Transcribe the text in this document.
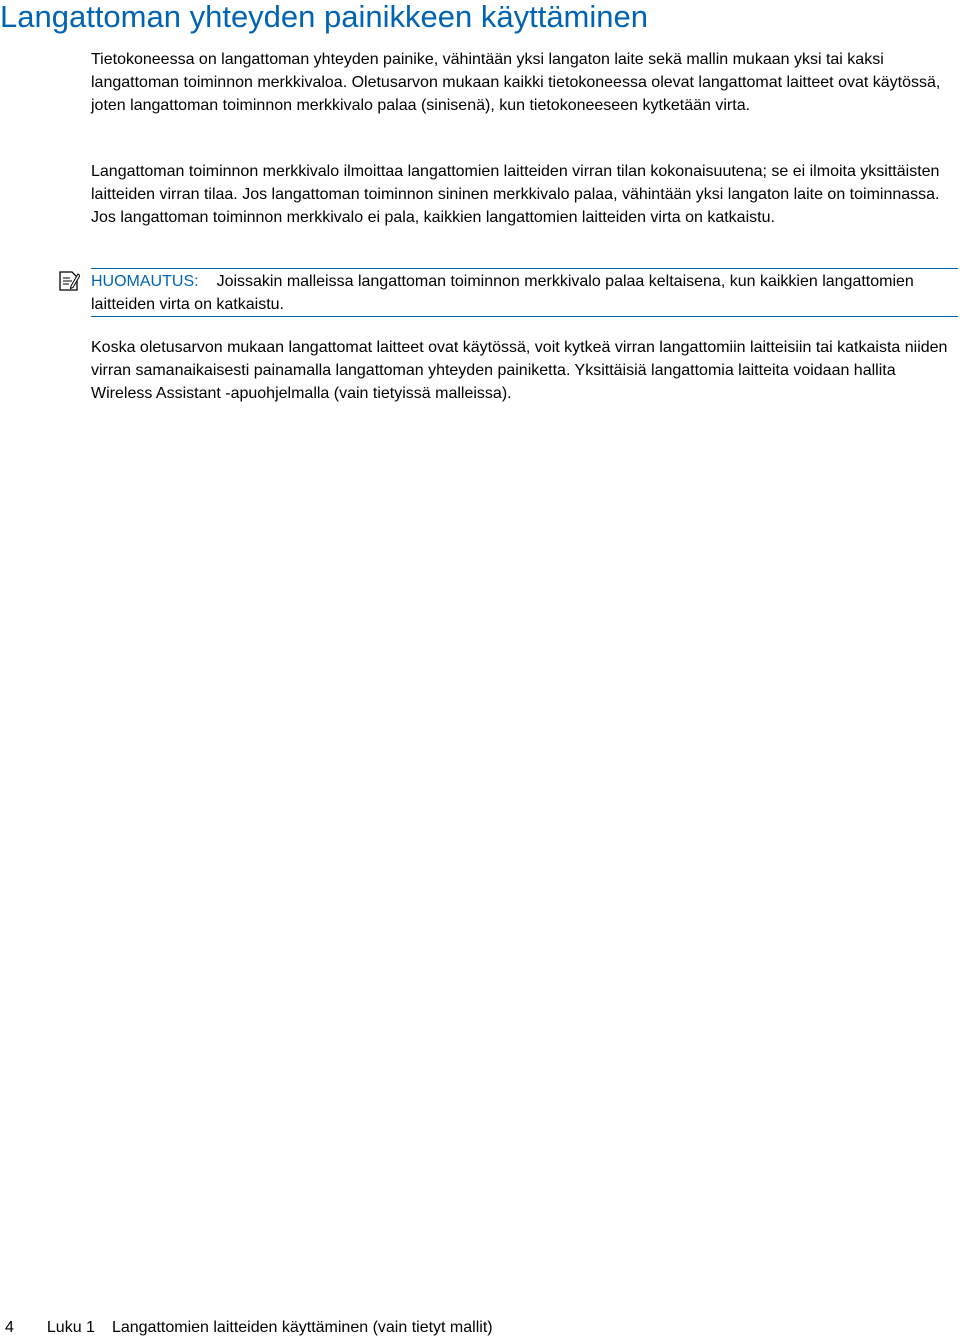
Langattoman yhteyden painikkeen käyttäminen

Tietokoneessa on langattoman yhteyden painike, vähintään yksi langaton laite sekä mallin mukaan yksi tai kaksi langattoman toiminnon merkkivaloa. Oletusarvon mukaan kaikki tietokoneessa olevat langattomat laitteet ovat käytössä, joten langattoman toiminnon merkkivalo palaa (sinisenä), kun tietokoneeseen kytketään virta.

Langattoman toiminnon merkkivalo ilmoittaa langattomien laitteiden virran tilan kokonaisuutena; se ei ilmoita yksittäisten laitteiden virran tilaa. Jos langattoman toiminnon sininen merkkivalo palaa, vähintään yksi langaton laite on toiminnassa. Jos langattoman toiminnon merkkivalo ei pala, kaikkien langattomien laitteiden virta on katkaistu.

HUOMAUTUS: Joissakin malleissa langattoman toiminnon merkkivalo palaa keltaisena, kun kaikkien langattomien laitteiden virta on katkaistu.

Koska oletusarvon mukaan langattomat laitteet ovat käytössä, voit kytkeä virran langattomiin laitteisiin tai katkaista niiden virran samanaikaisesti painamalla langattoman yhteyden painiketta. Yksittäisiä langattomia laitteita voidaan hallita Wireless Assistant -apuohjelmalla (vain tietyissä malleissa).

4 Luku 1 Langattomien laitteiden käyttäminen (vain tietyt mallit)
